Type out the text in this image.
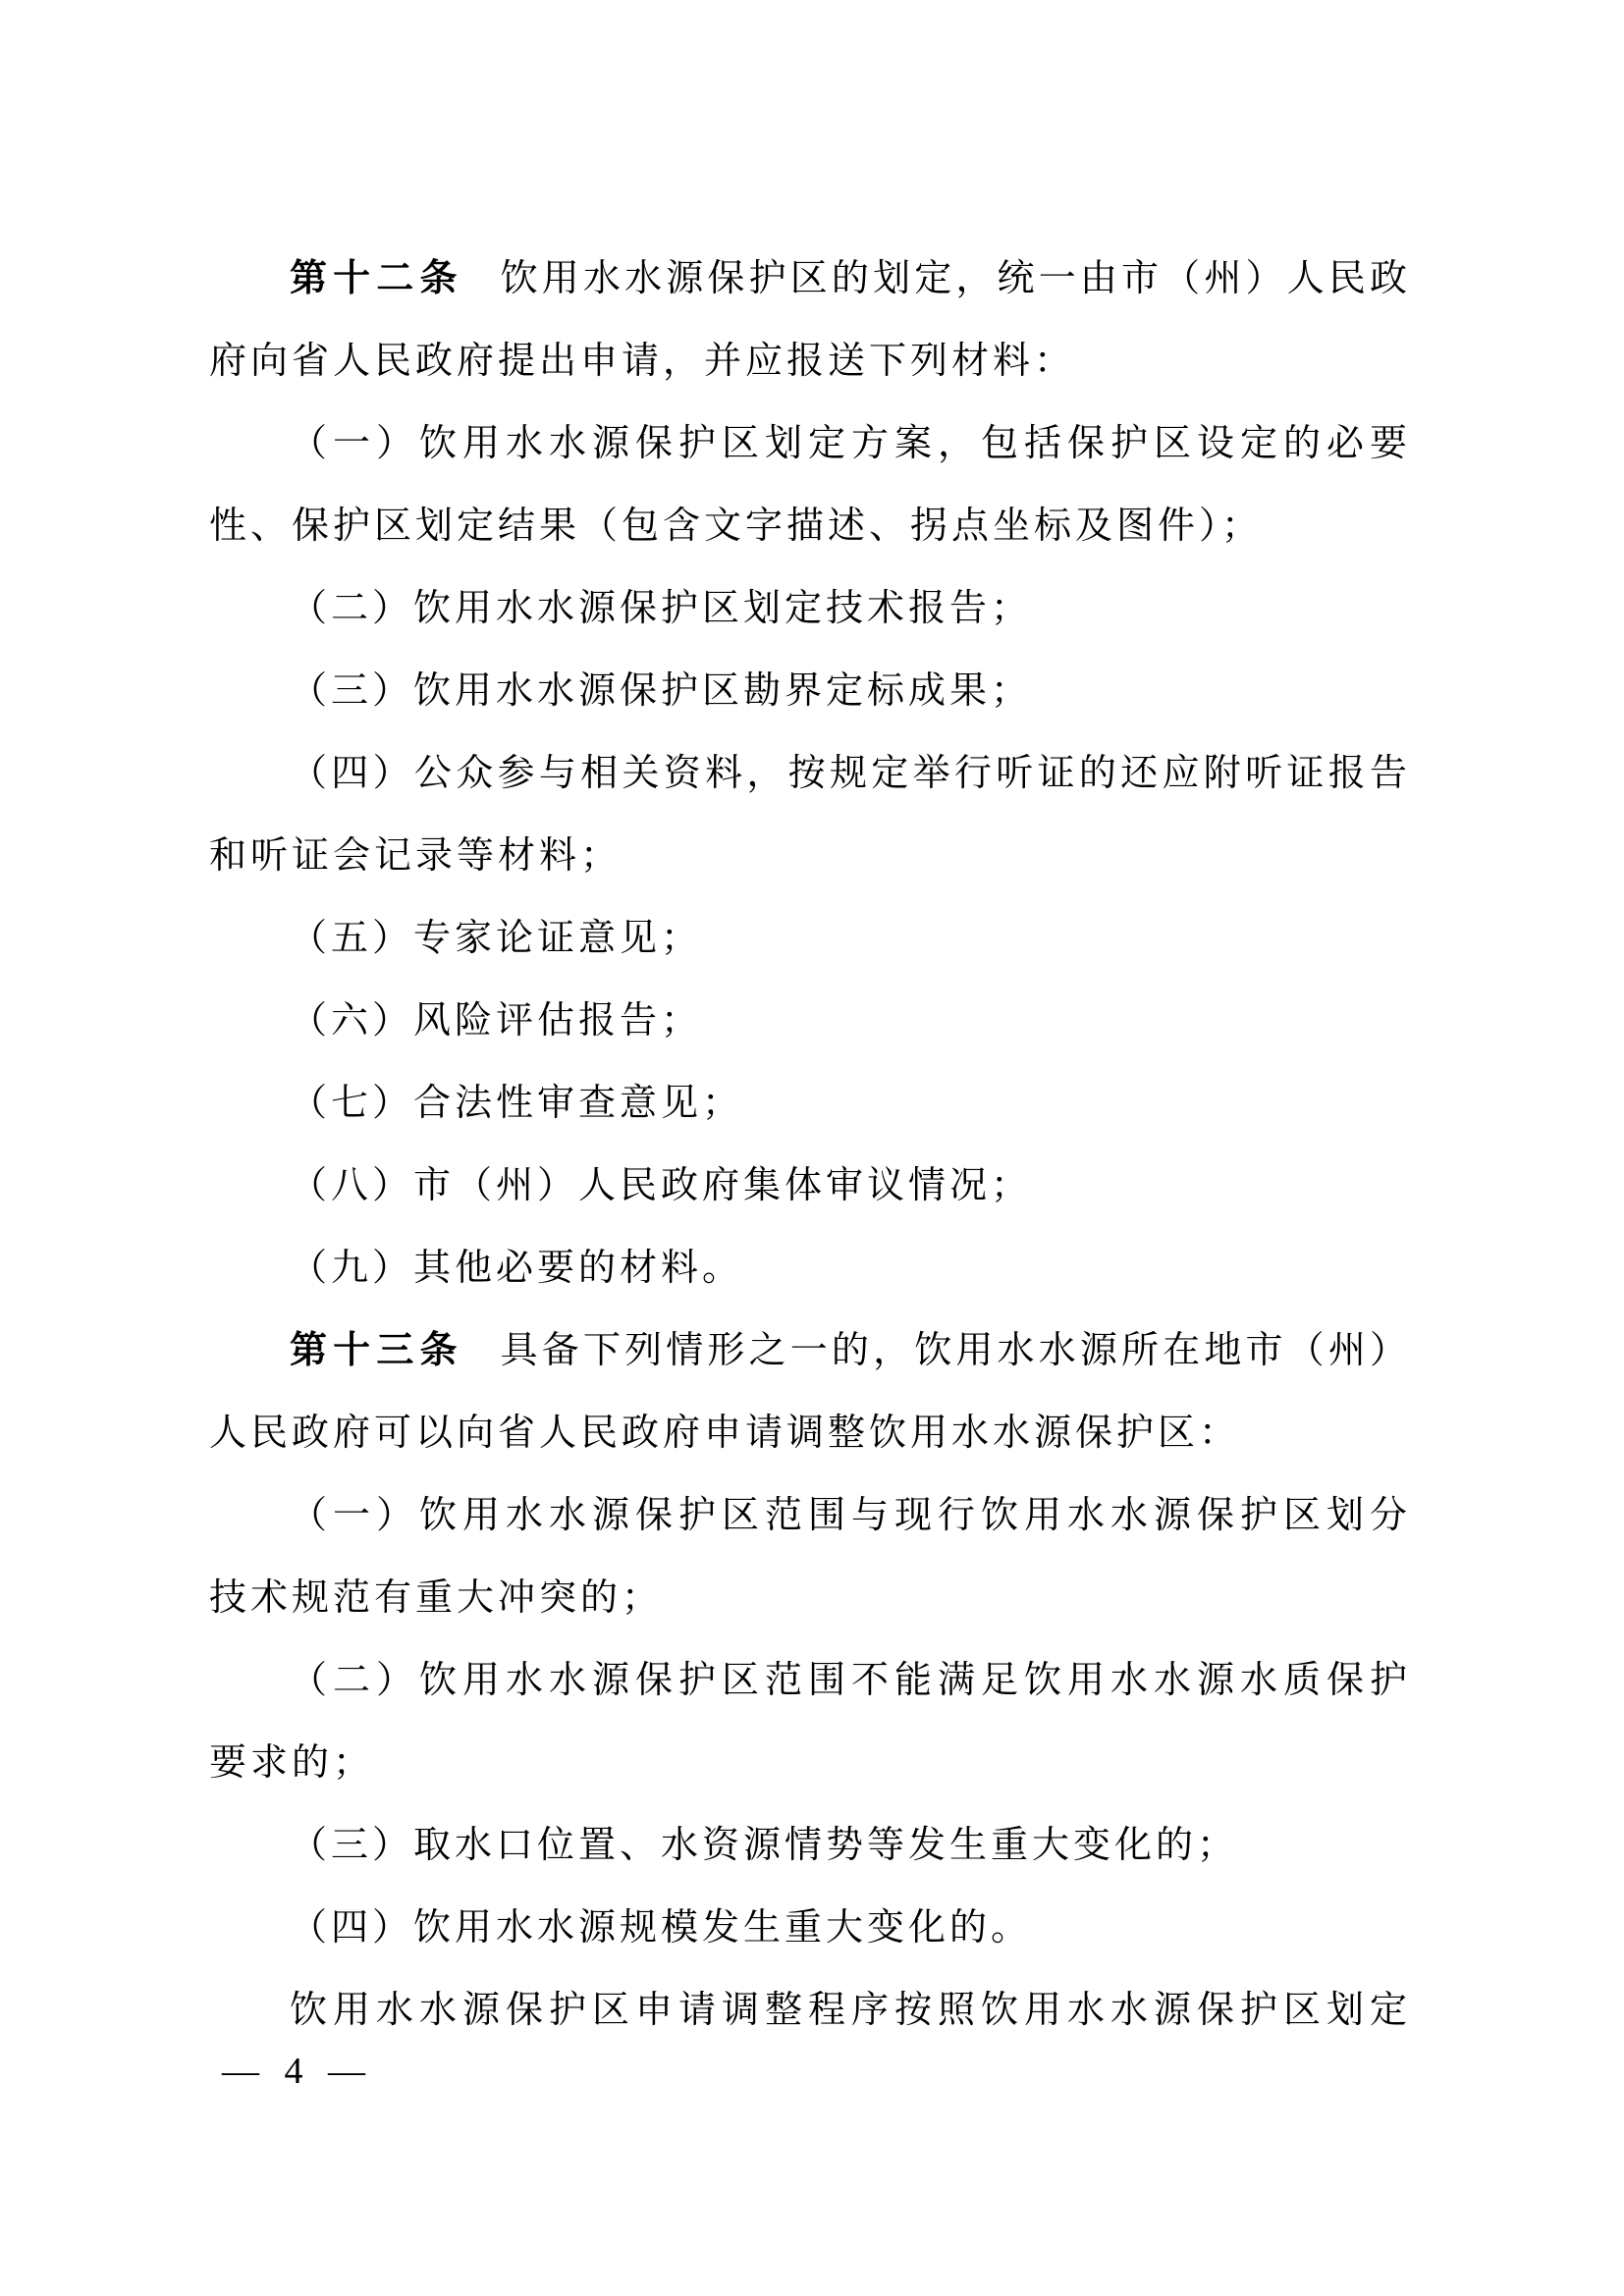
第十二条 饮用水水源保护区的划定，统一由市（州）人民政
府向省人民政府提出申请，并应报送下列材料：
（一）饮用水水源保护区划定方案，包括保护区设定的必要
性、保护区划定结果（包含文字描述、拐点坐标及图件）；
（二）饮用水水源保护区划定技术报告；
（三）饮用水水源保护区勘界定标成果；
（四）公众参与相关资料，按规定举行听证的还应附听证报告
和听证会记录等材料；
（五）专家论证意见；
（六）风险评估报告；
（七）合法性审查意见；
（八）市（州）人民政府集体审议情况；
（九）其他必要的材料。
第十三条 具备下列情形之一的，饮用水水源所在地市（州）
人民政府可以向省人民政府申请调整饮用水水源保护区：
（一）饮用水水源保护区范围与现行饮用水水源保护区划分
技术规范有重大冲突的；
（二）饮用水水源保护区范围不能满足饮用水水源水质保护
要求的；
（三）取水口位置、水资源情势等发生重大变化的；
（四）饮用水水源规模发生重大变化的。
饮用水水源保护区申请调整程序按照饮用水水源保护区划定
— 4 —
